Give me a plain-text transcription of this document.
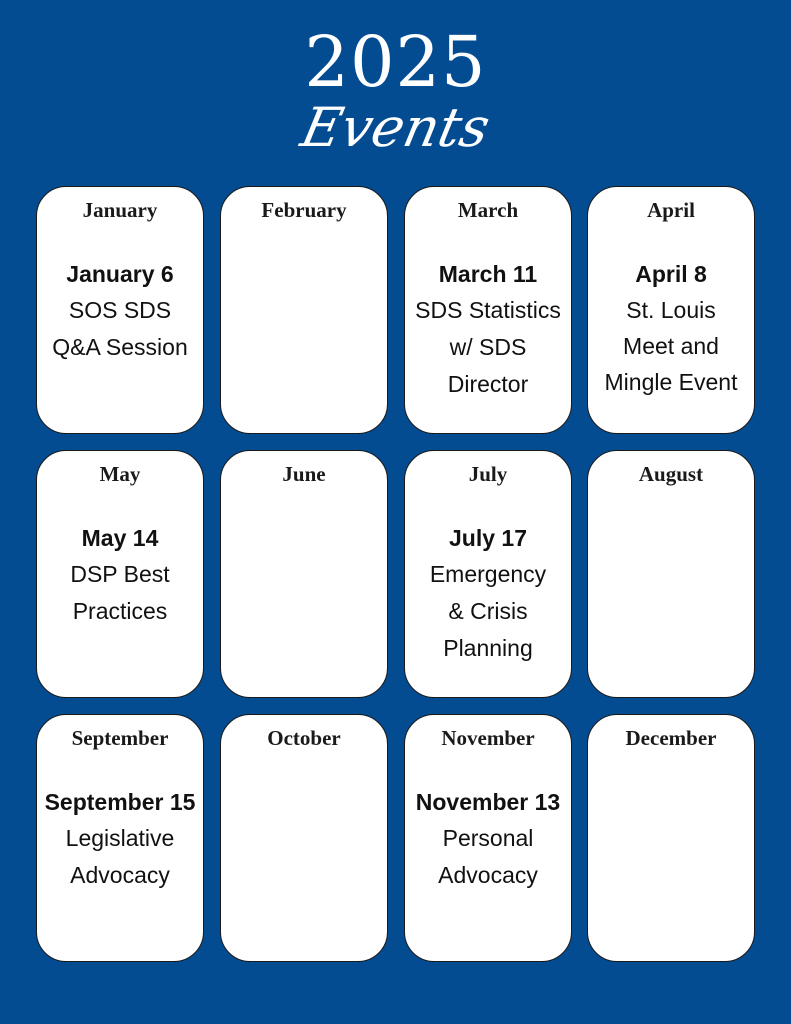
2025
Events
January
January 6
SOS SDS
Q&A Session
February	March
March 11
SDS Statistics
w/ SDS
Director
April
April 8
St. Louis
Meet and
Mingle Event
May
May 14
DSP Best
Practices
June	July
July 17
Emergency
& Crisis
Planning
August
September
September 15
Legislative
Advocacy
October	November
November 13
Personal
Advocacy
December
